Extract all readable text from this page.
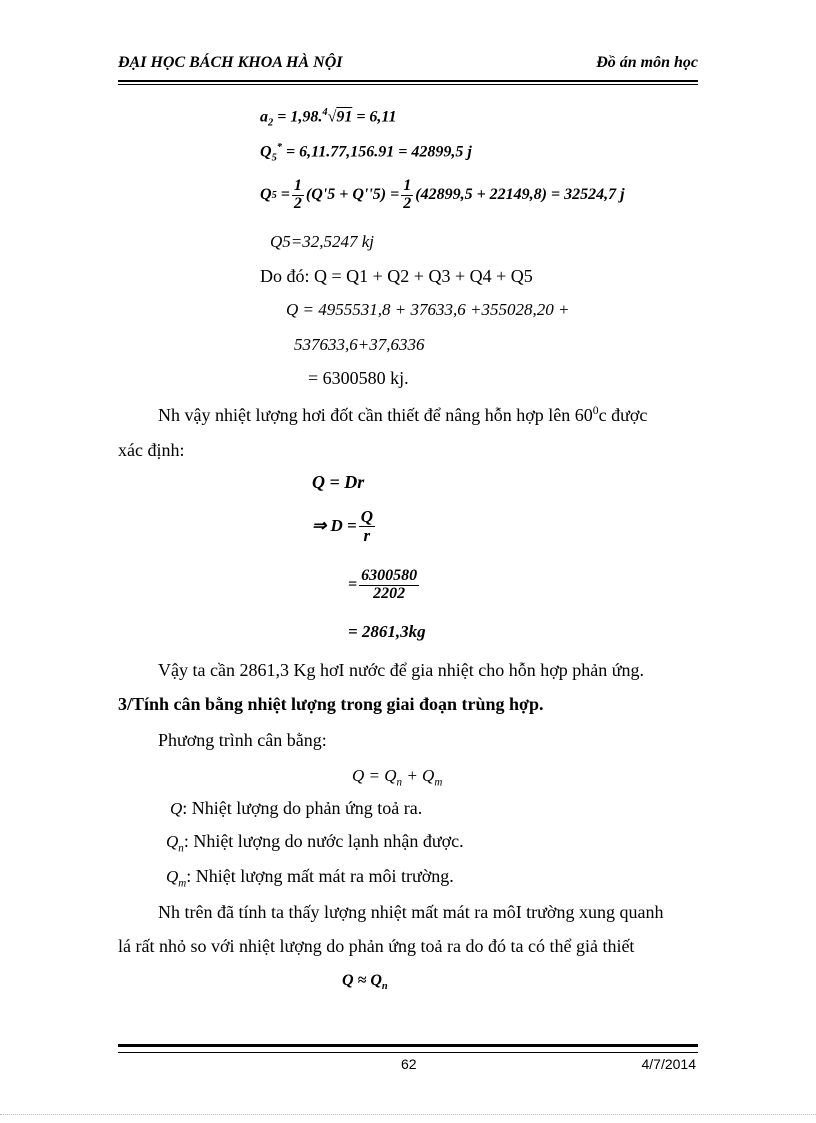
ĐẠI HỌC BÁCH KHOA HÀ NỘI	Đồ án môn học
$a_2 = 1,98.^4√91 = 6,11$
$Q_5^* = 6,11.77,156.91 = 42899,5$ j
Q $5 = \frac{1}{2} (Q'5 + Q''5) = \frac{1}{2} (42899,5 + 22149,8) = 32524,7$ j
Q5=32,5247 kj
Do đó: Q = Q1 + Q2 + Q3 + Q4 + Q5
Q = 4955531,8 + 37633,6 +355028,20 +
537633,6+37,6336
= 6300580 kj.
Nh vậy nhiệt lượng hơi đốt cần thiết để nâng hỗn hợp lên $60^0c$ được
xác định:
Q = Dr
⇒ $D = \frac{Q}{r}$
= $\frac{6300580}{2202}$
= 2861,3kg
Vậy ta cần 2861,3 Kg hơI nước để gia nhiệt cho hỗn hợp phản ứng.
3/Tính cân bằng nhiệt lượng trong giai đoạn trùng hợp.
Phương trình cân bằng:
$Q = Q_n + Q_m$
Q: Nhiệt lượng do phản ứng toả ra.
$Q_n$: Nhiệt lượng do nước lạnh nhận được.
$Q_m$: Nhiệt lượng mất mát ra môi trường.
Nh trên đã tính ta thấy lượng nhiệt mất mát ra môI trường xung quanh
lá rất nhỏ so với nhiệt lượng do phản ứng toả ra do đó ta có thể giả thiết
$Q \approx Q_n$
62	4/7/2014
